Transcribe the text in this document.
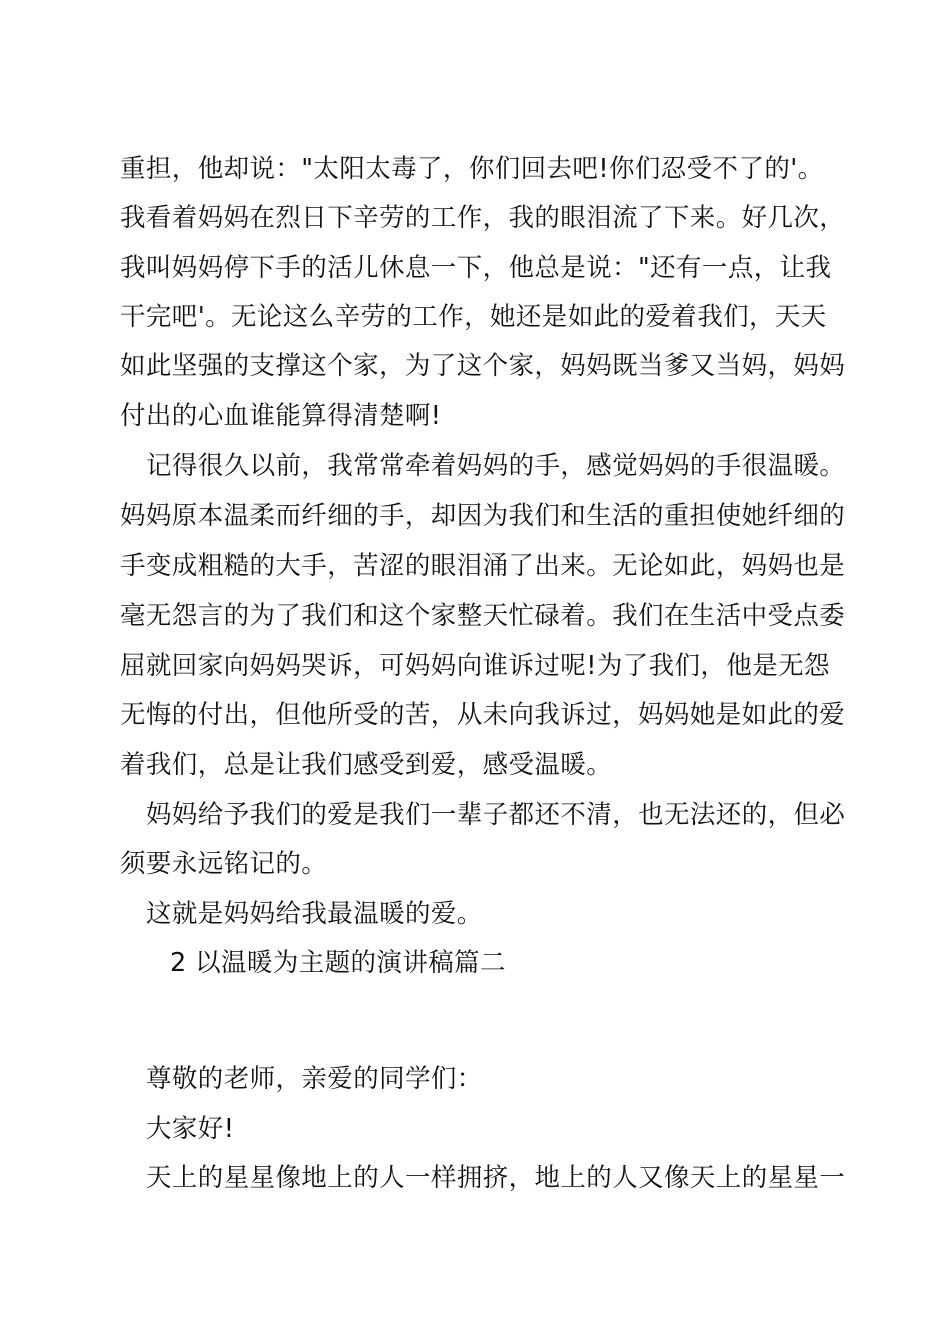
重担，他却说："太阳太毒了，你们回去吧!你们忍受不了的'。
我看着妈妈在烈日下辛劳的工作，我的眼泪流了下来。好几次，
我叫妈妈停下手的活儿休息一下，他总是说："还有一点，让我
干完吧'。无论这么辛劳的工作，她还是如此的爱着我们，天天
如此坚强的支撑这个家，为了这个家，妈妈既当爹又当妈，妈妈
付出的心血谁能算得清楚啊!
记得很久以前，我常常牵着妈妈的手，感觉妈妈的手很温暖。
妈妈原本温柔而纤细的手，却因为我们和生活的重担使她纤细的
手变成粗糙的大手，苦涩的眼泪涌了出来。无论如此，妈妈也是
毫无怨言的为了我们和这个家整天忙碌着。我们在生活中受点委
屈就回家向妈妈哭诉，可妈妈向谁诉过呢!为了我们，他是无怨
无悔的付出，但他所受的苦，从未向我诉过，妈妈她是如此的爱
着我们，总是让我们感受到爱，感受温暖。
妈妈给予我们的爱是我们一辈子都还不清，也无法还的，但必
须要永远铭记的。
这就是妈妈给我最温暖的爱。
2 以温暖为主题的演讲稿篇二
尊敬的老师，亲爱的同学们：
大家好!
天上的星星像地上的人一样拥挤，地上的人又像天上的星星一
